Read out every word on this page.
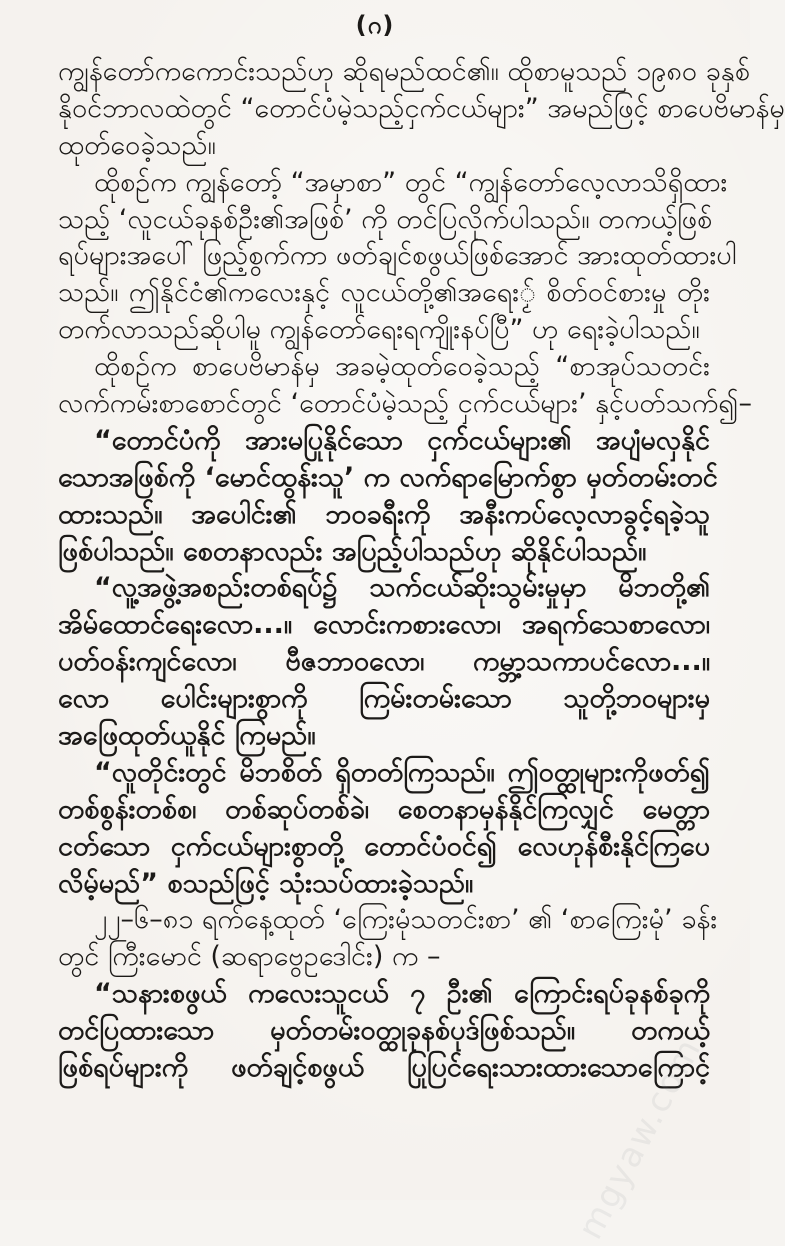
(ဂ)
ကျွန်တော်ကကောင်းသည်ဟု ဆိုရမည်ထင်၏။ ထိုစာမူသည် ၁၉၈၀ ခုနှစ်
နိုဝင်ဘာလထဲတွင် “တောင်ပံမဲ့သည့်ငှက်ငယ်များ” အမည်ဖြင့် စာပေဗိမာန်မှ
ထုတ်ဝေခဲ့သည်။
ထိုစဉ်က ကျွန်တော့် “အမှာစာ” တွင် “ကျွန်တော်လေ့လာသိရှိထား
သည့် ‘လူငယ်ခုနစ်ဦး၏အဖြစ်’ ကို တင်ပြလိုက်ပါသည်။ တကယ့်ဖြစ်
ရပ်များအပေါ် ဖြည့်စွက်ကာ ဖတ်ချင်စဖွယ်ဖြစ်အောင် အားထုတ်ထားပါ
သည်။ ဤနိုင်ငံ၏ကလေးနှင့် လူငယ်တို့၏အရေးၟ် စိတ်ဝင်စားမှု တိုး
တက်လာသည်ဆိုပါမူ ကျွန်တော်ရေးရကျိုးနပ်ပြီ” ဟု ရေးခဲ့ပါသည်။
ထိုစဉ်က စာပေဗိမာန်မှ အခမဲ့ထုတ်ဝေခဲ့သည့် “စာအုပ်သတင်း
လက်ကမ်းစာစောင်တွင် ‘တောင်ပံမဲ့သည့် ငှက်ငယ်များ’ နှင့်ပတ်သက်၍–
“တောင်ပံကို အားမပြုနိုင်သော ငှက်ငယ်များ၏ အပျံမလှနိုင်
သောအဖြစ်ကို ‘မောင်ထွန်းသူ’ က လက်ရာမြောက်စွာ မှတ်တမ်းတင်
ထားသည်။ အပေါင်း၏ ဘဝခရီးကို အနီးကပ်လေ့လာခွင့်ရခဲ့သူ
ဖြစ်ပါသည်။ စေတနာလည်း အပြည့်ပါသည်ဟု ဆိုနိုင်ပါသည်။
“လူ့အဖွဲ့အစည်းတစ်ရပ်၌ သက်ငယ်ဆိုးသွမ်းမှုမှာ မိဘတို့၏
အိမ်ထောင်ရေးလော...။ လောင်းကစားလော၊ အရက်သေစာလော၊
ပတ်ဝန်းကျင်လော၊ ဗီဇဘာဝလော၊ ကမ္ဘာ့သကာပင်လော...။
လော ပေါင်းများစွာကို ကြမ်းတမ်းသော သူတို့ဘဝများမှ
အဖြေထုတ်ယူနိုင် ကြမည်။
“လူတိုင်းတွင် မိဘစိတ် ရှိတတ်ကြသည်။ ဤဝတ္ထုများကိုဖတ်၍
တစ်စွန်းတစ်စ၊ တစ်ဆုပ်တစ်ခဲ၊ စေတနာမှန်နိုင်ကြလျှင် မေတ္တာ
ငတ်သော ငှက်ငယ်များစွာတို့ တောင်ပံဝင်၍ လေဟုန်စီးနိုင်ကြပေ
လိမ့်မည်” စသည်ဖြင့် သုံးသပ်ထားခဲ့သည်။
၂၂–၆–၈၁ ရက်နေ့ထုတ် ‘ကြေးမုံသတင်းစာ’ ၏ ‘စာကြေးမုံ’ ခန်း
တွင် ကြီးမောင် (ဆရာဗွေဥဒေါင်း) က –
“သနားစဖွယ် ကလေးသူငယ် ၇ ဦး၏ ကြောင်းရပ်ခုနစ်ခုကို
တင်ပြထားသော မှတ်တမ်းဝတ္ထုခုနစ်ပုဒ်ဖြစ်သည်။ တကယ့်
ဖြစ်ရပ်များကို ဖတ်ချင့်စဖွယ် ပြုပြင်ရေးသားထားသောကြောင့်
mgyaw.com
